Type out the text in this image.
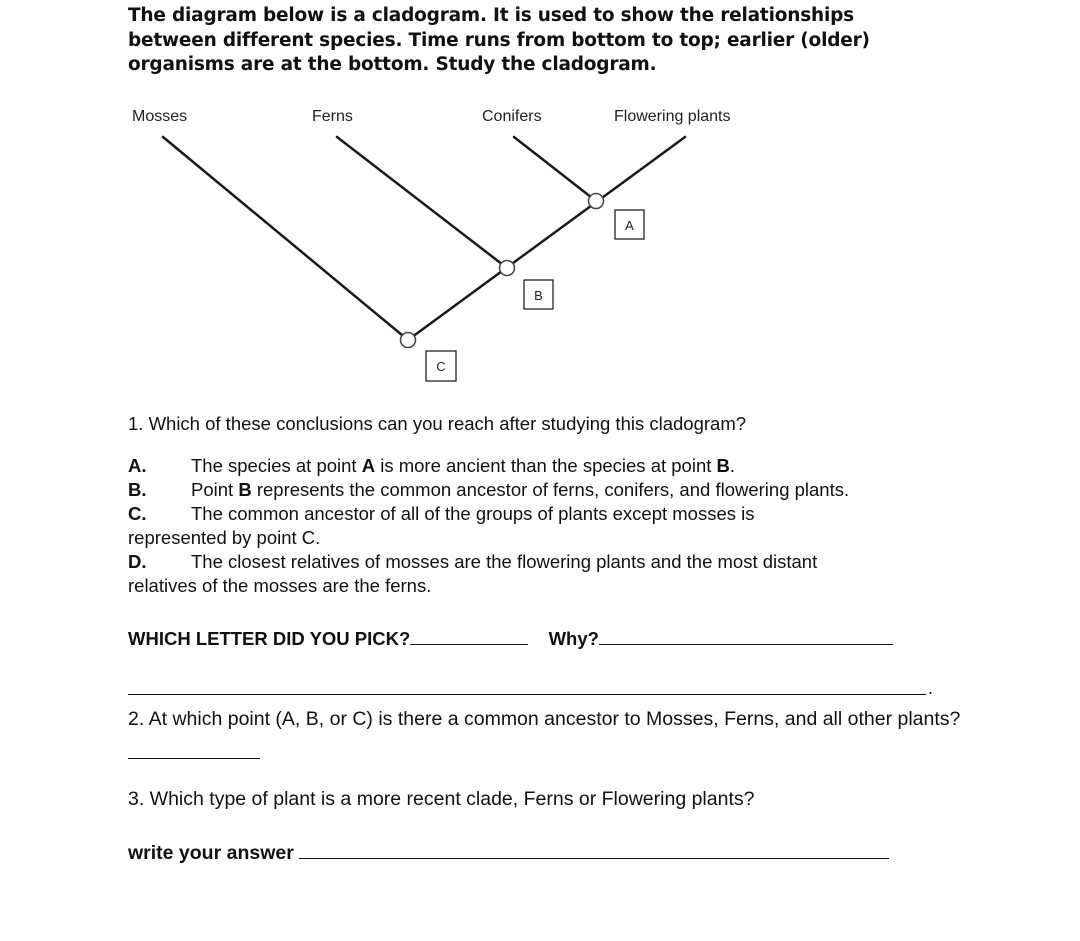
The diagram below is a cladogram. It is used to show the relationships

between different species. Time runs from bottom to top; earlier (older)

organisms are at the bottom. Study the cladogram.

Mosses	Ferns	Conifers	Flowering plants
A
B
C
1. Which of these conclusions can you reach after studying this cladogram?
A. The species at point A is more ancient than the species at point B.
B. Point B represents the common ancestor of ferns, conifers, and flowering plants.
C. The common ancestor of all of the groups of plants except mosses is
represented by point C.
D. The closest relatives of mosses are the flowering plants and the most distant
relatives of the mosses are the ferns.
WHICH LETTER DID YOU PICK?	Why?
.
2. At which point (A, B, or C) is there a common ancestor to Mosses, Ferns, and all other plants?
3. Which type of plant is a more recent clade, Ferns or Flowering plants?
write your answer
